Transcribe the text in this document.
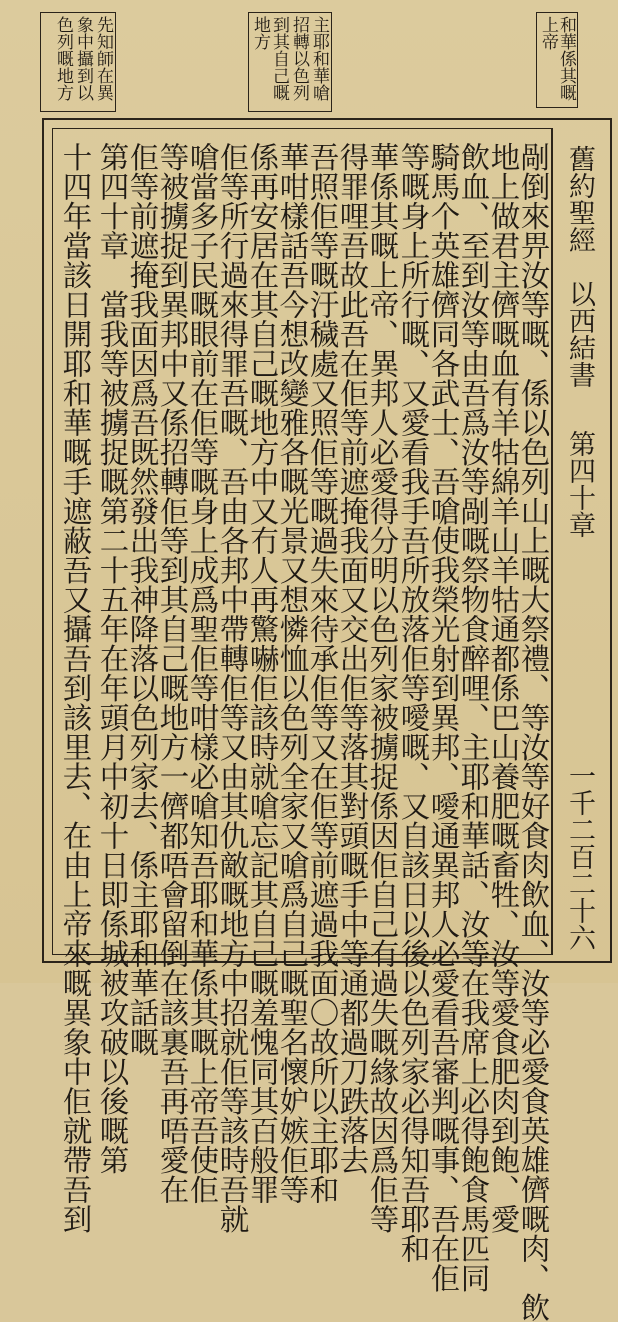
和華係其嘅
上帝
主耶和華嗆
招轉以色列
到其自己嘅
地方
先知師在異
象中攝到以
色列嘅地方
舊約聖經　以西結書
第四十章
一千二百二十六
剮倒來畀汝等嘅、係以色列山上嘅大祭禮、等汝等好食肉飲血、汝等必愛食英雄儕嘅肉、飲
地上做君主儕嘅血有羊牯綿羊山羊牯通都係巴山養肥嘅畜牲、汝等愛食肥肉到飽、愛
飲血、至到汝等由吾爲汝等剮嘅祭物食醉哩、主耶和華話、汝等在我席上必得飽食馬匹同
騎馬个英雄儕同各武士、吾嗆使我榮光射到異邦、噯通異邦人必愛看吾審判嘅事、吾在佢
等嘅身上所行嘅、又愛看我手吾所放落佢等噯嘅、又自該日以後以色列家必得知吾耶和
華係其嘅上帝、異邦人必愛得分明以色列家被擄捉係因佢自己有過失嘅緣故因爲佢等
得罪哩吾故此吾在佢等前遮掩我面又交出佢等落其對頭嘅手中等通都過刀跌落去
吾照佢等嘅汙穢處又照佢等嘅過失來待承佢等又在佢等前遮過我面〇故所以主耶和
華咁樣話吾今想改變雅各嘅光景又想憐恤以色列全家又嗆爲自己嘅聖名懷妒嫉佢等
係再安居在其自己嘅地方中又冇人再驚嚇佢該時就嗆忘記其自己嘅羞愧同其百般罪
佢等所行過來得罪吾嘅、吾由各邦中帶轉佢等又由其仇敵嘅地方中招就佢等該時吾就
嗆當多子民嘅眼前在佢等嘅身上成爲聖佢等咁樣必嗆知吾耶和華係其嘅上帝吾使佢
等被擄捉到異邦中又係招轉佢等到其自己嘅地方一儕都唔會留倒在該裏吾再唔愛在
佢等前遮掩我面因爲吾既然發出我神降落以色列家去、係主耶和華話嘅
第四十章　當我等被擄捉嘅第二十五年在年頭月中初十日即係城被攻破以後嘅第
十四年當該日開耶和華嘅手遮蔽吾又攝吾到該里去、在由上帝來嘅異象中佢就帶吾到
